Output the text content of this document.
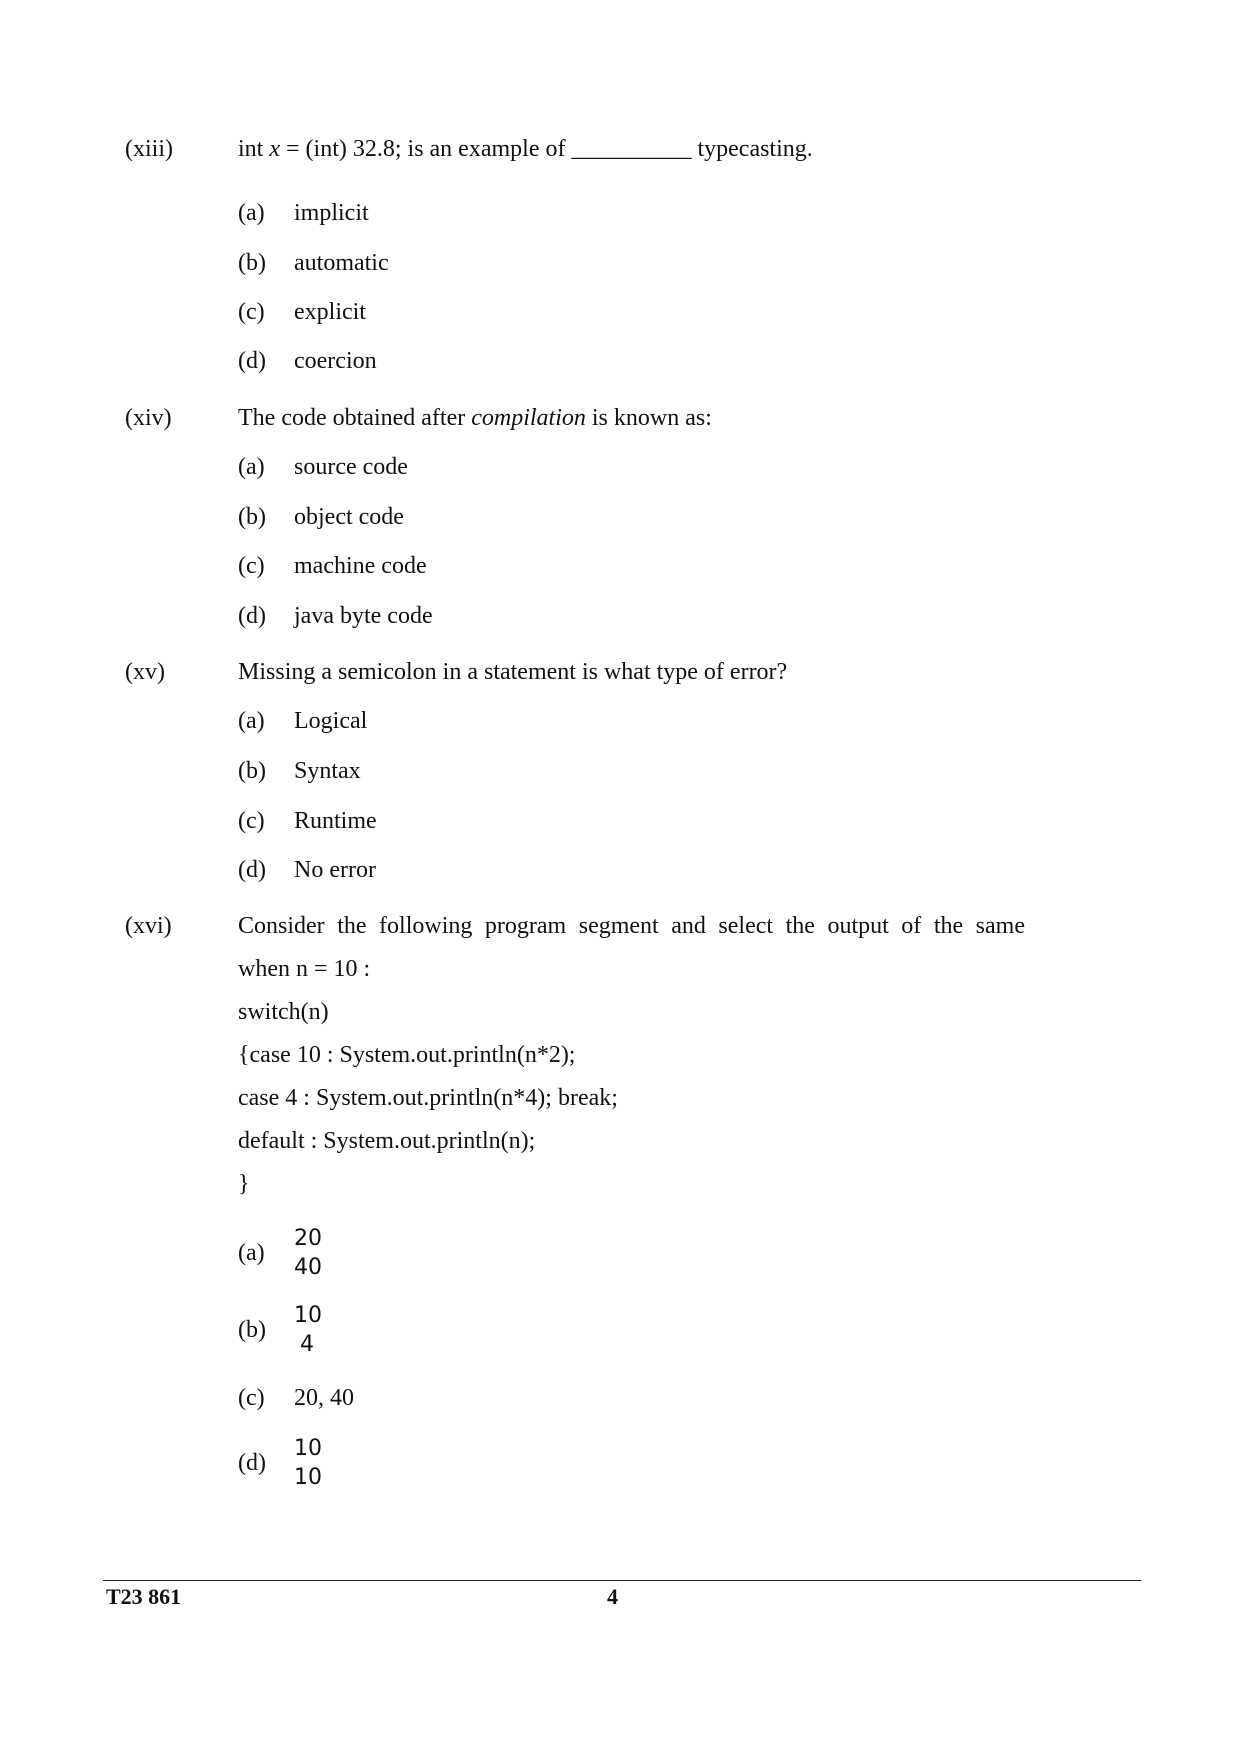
(xiii)	int x = (int) 32.8; is an example of __________ typecasting.
(a) implicit
(b) automatic
(c) explicit
(d) coercion
(xiv)	The code obtained after compilation is known as:
(a) source code
(b) object code
(c) machine code
(d) java byte code
(xv)	Missing a semicolon in a statement is what type of error?
(a) Logical
(b) Syntax
(c) Runtime
(d) No error
(xvi)	Consider the following program segment and select the output of the same
when n = 10 :
switch(n)
{case 10 : System.out.println(n*2);
case 4 : System.out.println(n*4); break;
default : System.out.println(n);
}
(a)
20
40
(b)
10
4
(c) 20, 40
(d)
10
10
T23 861	4
